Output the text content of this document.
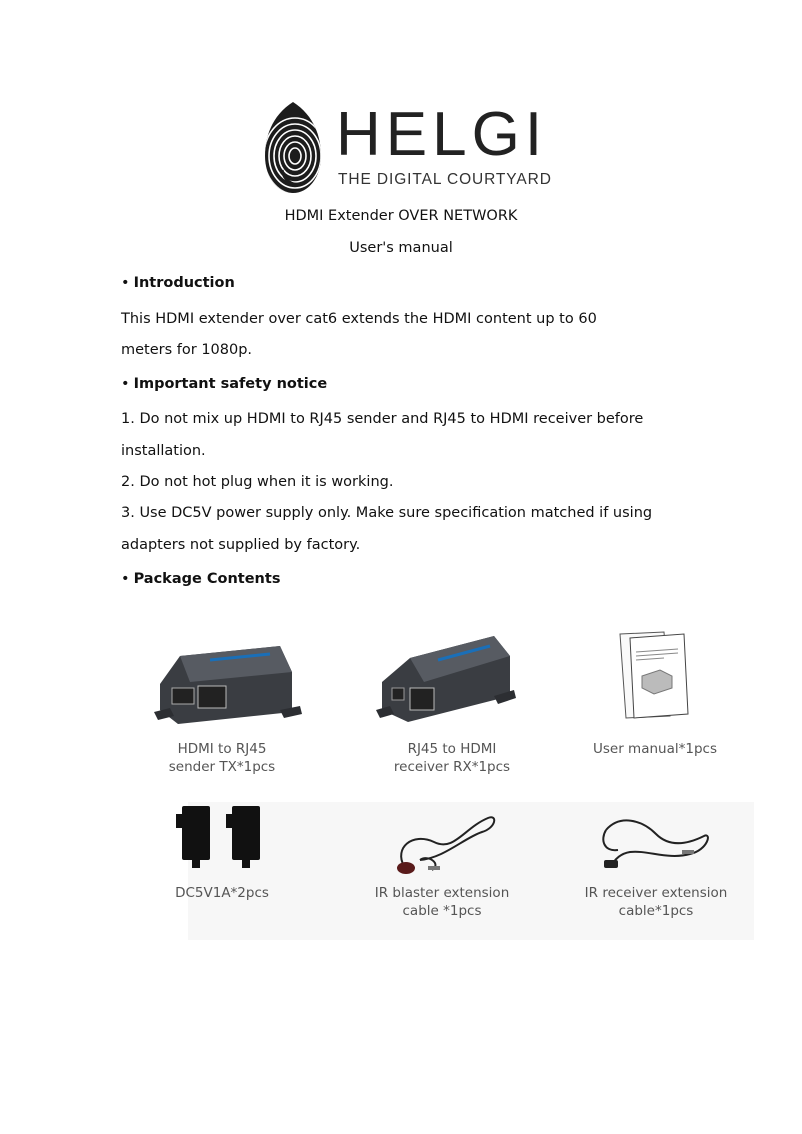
HELGI
THE DIGITAL COURTYARD
HDMI Extender OVER NETWORK
User's manual
• Introduction
This HDMI extender over cat6 extends the HDMI content up to 60
meters for 1080p.
• Important safety notice
1. Do not mix up HDMI to RJ45 sender and RJ45 to HDMI receiver before
installation.
2. Do not hot plug when it is working.
3. Use DC5V power supply only. Make sure specification matched if using
adapters not supplied by factory.
• Package Contents
HDMI to RJ45
sender TX*1pcs
RJ45 to HDMI
receiver RX*1pcs
User manual*1pcs
DC5V1A*2pcs	IR blaster extension
cable *1pcs
IR receiver extension
cable*1pcs
